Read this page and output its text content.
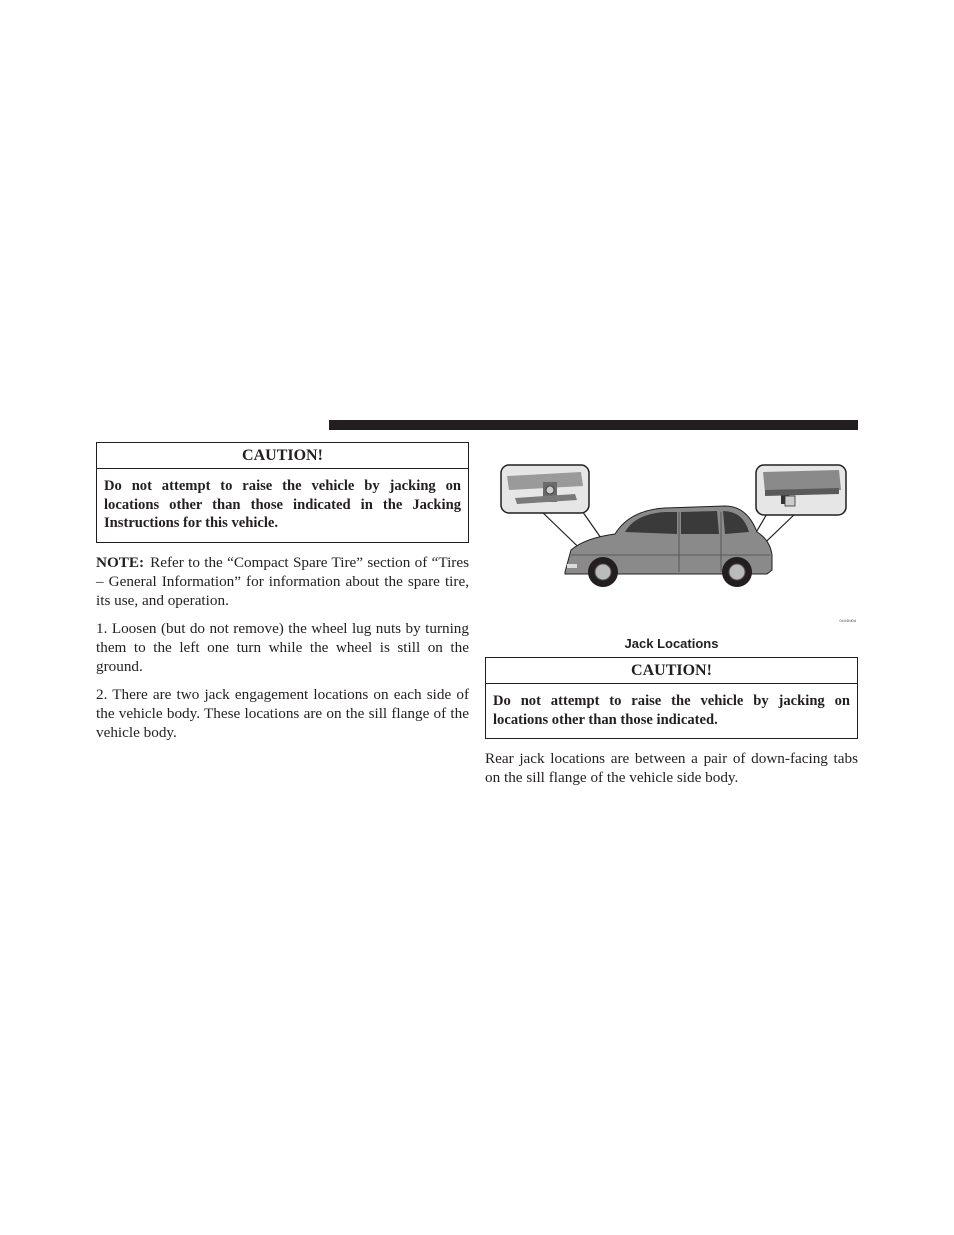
CAUTION!
Do not attempt to raise the vehicle by jacking on locations other than those indicated in the Jacking Instructions for this vehicle.

NOTE: Refer to the “Compact Spare Tire” section of “Tires – General Information” for information about the spare tire, its use, and operation.

1. Loosen (but do not remove) the wheel lug nuts by turning them to the left one turn while the wheel is still on the ground.

2. There are two jack engagement locations on each side of the vehicle body. These locations are on the sill flange of the vehicle body.

0444fd0d
Jack Locations
CAUTION!
Do not attempt to raise the vehicle by jacking on locations other than those indicated.

Rear jack locations are between a pair of down-facing tabs on the sill flange of the vehicle side body.
